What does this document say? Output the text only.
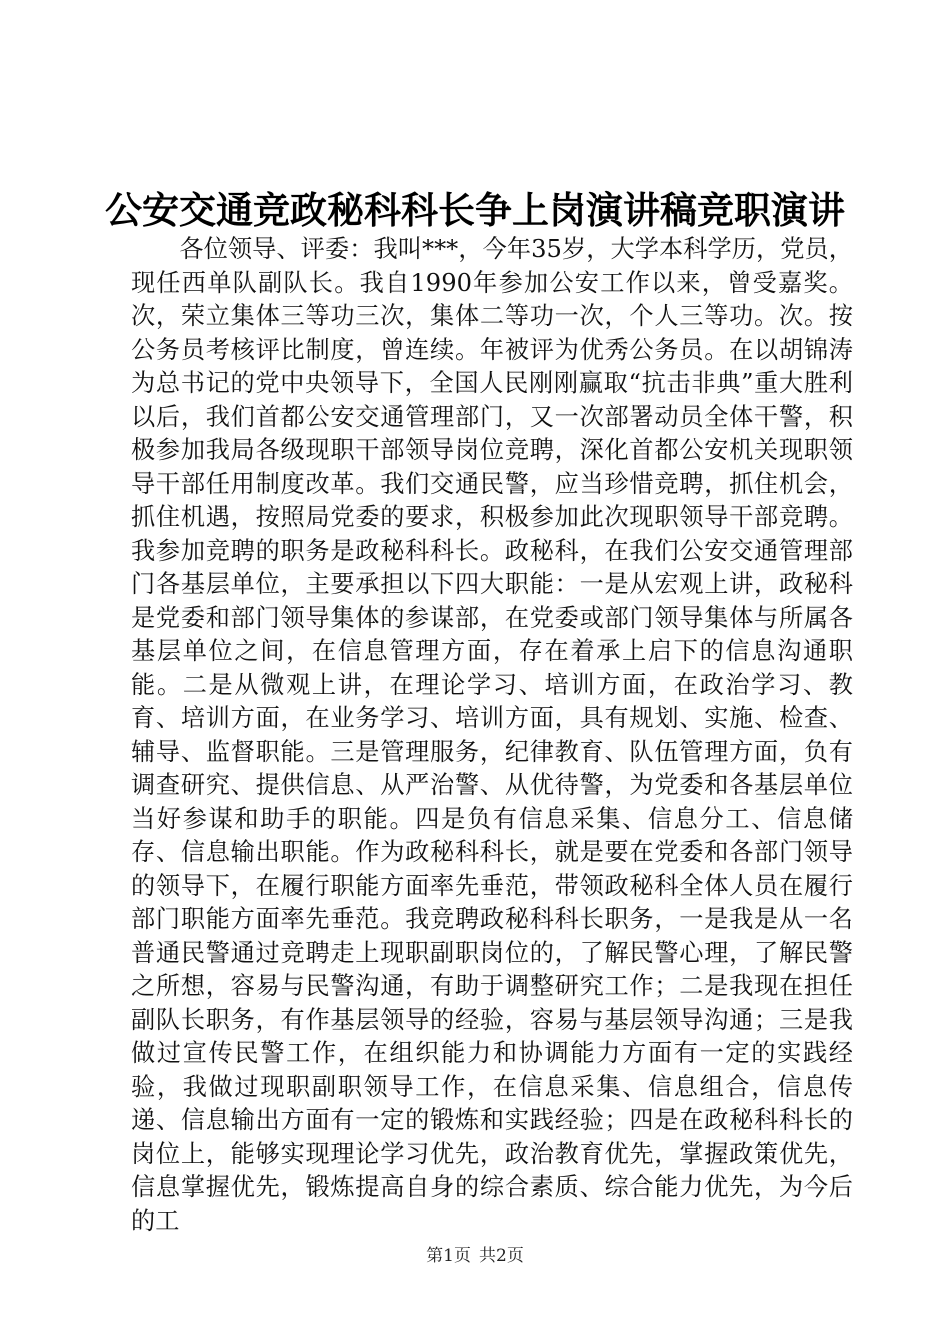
公安交通竞政秘科科长争上岗演讲稿竞职演讲

各位领导、评委：我叫***，今年35岁，大学本科学历，党员，现任西单队副队长。我自1990年参加公安工作以来，曾受嘉奖。次，荣立集体三等功三次，集体二等功一次，个人三等功。次。按公务员考核评比制度，曾连续。年被评为优秀公务员。在以胡锦涛为总书记的党中央领导下，全国人民刚刚赢取“抗击非典”重大胜利以后，我们首都公安交通管理部门，又一次部署动员全体干警，积极参加我局各级现职干部领导岗位竞聘，深化首都公安机关现职领导干部任用制度改革。我们交通民警，应当珍惜竞聘，抓住机会，抓住机遇，按照局党委的要求，积极参加此次现职领导干部竞聘。我参加竞聘的职务是政秘科科长。政秘科，在我们公安交通管理部门各基层单位，主要承担以下四大职能：一是从宏观上讲，政秘科是党委和部门领导集体的参谋部，在党委或部门领导集体与所属各基层单位之间，在信息管理方面，存在着承上启下的信息沟通职能。二是从微观上讲，在理论学习、培训方面，在政治学习、教育、培训方面，在业务学习、培训方面，具有规划、实施、检查、辅导、监督职能。三是管理服务，纪律教育、队伍管理方面，负有调查研究、提供信息、从严治警、从优待警，为党委和各基层单位当好参谋和助手的职能。四是负有信息采集、信息分工、信息储存、信息输出职能。作为政秘科科长，就是要在党委和各部门领导的领导下，在履行职能方面率先垂范，带领政秘科全体人员在履行部门职能方面率先垂范。我竞聘政秘科科长职务，一是我是从一名普通民警通过竞聘走上现职副职岗位的，了解民警心理，了解民警之所想，容易与民警沟通，有助于调整研究工作；二是我现在担任副队长职务，有作基层领导的经验，容易与基层领导沟通；三是我做过宣传民警工作，在组织能力和协调能力方面有一定的实践经验，我做过现职副职领导工作，在信息采集、信息组合，信息传递、信息输出方面有一定的锻炼和实践经验；四是在政秘科科长的岗位上，能够实现理论学习优先，政治教育优先，掌握政策优先，信息掌握优先，锻炼提高自身的综合素质、综合能力优先，为今后的工

第1页 共2页
